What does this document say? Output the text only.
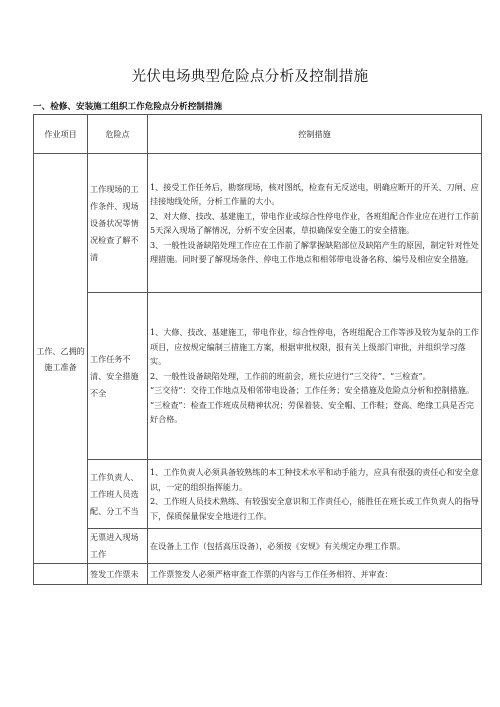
光伏电场典型危险点分析及控制措施
一、检修、安装施工组织工作危险点分析控制措施
作业项目	危险点	控制措施
工作、乙拥的施工准备	工作现场的工作条件、现场设备状况等情况检查了解不清	1、接受工作任务后，勘察现场，核对图纸，检查有无反送电，明确应断开的开关、刀闸、应挂接地线处所，分析工作量的大小。
2、对大修、技改、基建施工，带电作业或综合性停电作业，各班组配合作业应在进行工作前5天深入现场了解情况，分析不安全因素，草拟确保安全施工的安全措施。
3、一般性设备缺陷处理工作应在工作前了解掌握缺陷部位及缺陷产生的原因，制定针对性处理措施。同时要了解现场条件、停电工作地点和相邻带电设备名称、编号及相应安全措施。

	工作任务不清、安全措施不全	1、大修、技改、基建施工，带电作业，综合性停电，各班组配合工作等涉及较为复杂的工作项目，应按规定编制三措施工方案，根据审批权限，报有关上级部门审批，并组织学习落实。
2、一般性设备缺陷处理，工作前的班前会，班长应进行“三交待”、“三检查”。
“三交待”：交待工作地点及相邻带电设备；工作任务；安全措施及危险点分析和控制措施。
“三检查”：检查工作班成员精神状况；劳保着装、安全帽、工作鞋；登高、绝缘工具是否完好合格。

	工作负责人、工作班人员选配、分工不当	1、工作负责人必须具备较熟练的本工种技术水平和动手能力，应具有很强的责任心和安全意识，一定的组织指挥能力。
2、工作班人员技术熟练、有较强安全意识和工作责任心，能胜任在班长或工作负责人的指导下，保质保量保安全地进行工作。

	无票进入现场工作	在设备上工作（包括高压设备），必须按《安规》有关规定办理工作票。

	签发工作票未	工作票签发人必须严格审查工作票的内容与工作任务相符、并审查：
